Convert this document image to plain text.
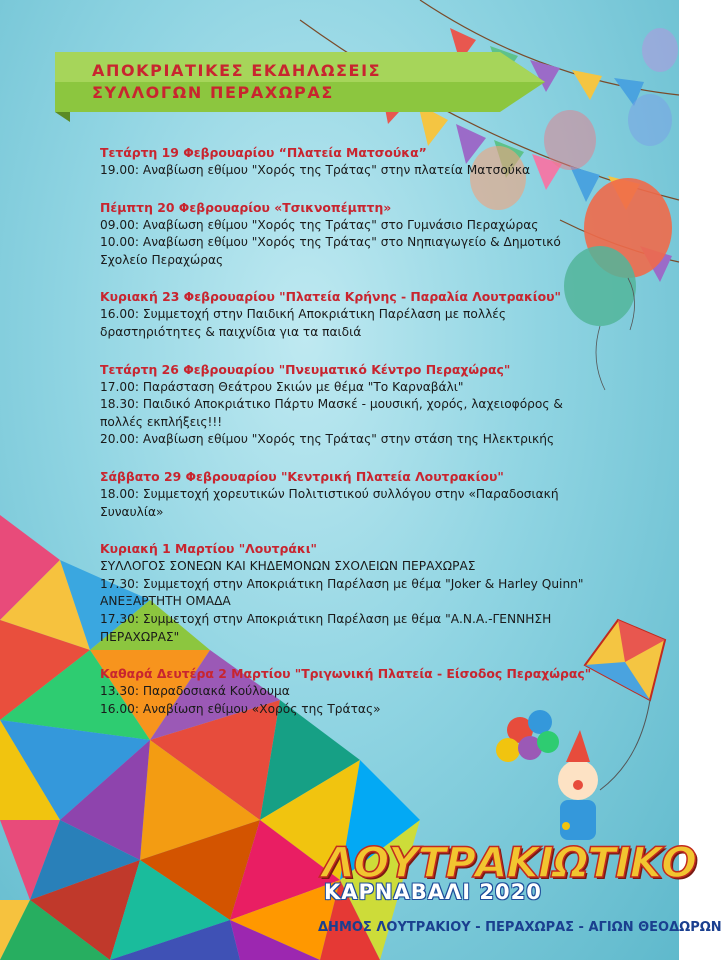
ΑΠΟΚΡΙΑΤΙΚΕΣ ΕΚΔΗΛΩΣΕΙΣ
ΣΥΛΛΟΓΩΝ ΠΕΡΑΧΩΡΑΣ
Τετάρτη 19 Φεβρουαρίου “Πλατεία Ματσούκα”
19.00: Αναβίωση εθίμου "Χορός της Τράτας" στην πλατεία Ματσούκα
Πέμπτη 20 Φεβρουαρίου «Τσικνοπέμπτη»
09.00: Αναβίωση εθίμου "Χορός της Τράτας" στο Γυμνάσιο Περαχώρας
10.00: Αναβίωση εθίμου "Χορός της Τράτας" στο Νηπιαγωγείο & Δημοτικό
Σχολείο Περαχώρας
Κυριακή 23 Φεβρουαρίου "Πλατεία Κρήνης - Παραλία Λουτρακίου"
16.00: Συμμετοχή στην Παιδική Αποκριάτικη Παρέλαση με πολλές
δραστηριότητες & παιχνίδια για τα παιδιά
Τετάρτη 26 Φεβρουαρίου "Πνευματικό Κέντρο Περαχώρας"
17.00: Παράσταση Θεάτρου Σκιών με θέμα "Το Καρναβάλι"
18.30: Παιδικό Αποκριάτικο Πάρτυ Μασκέ - μουσική, χορός, λαχειοφόρος &
πολλές εκπλήξεις!!!
20.00: Αναβίωση εθίμου "Χορός της Τράτας" στην στάση της Ηλεκτρικής
Σάββατο 29 Φεβρουαρίου "Κεντρική Πλατεία Λουτρακίου"
18.00: Συμμετοχή χορευτικών Πολιτιστικού συλλόγου στην «Παραδοσιακή
Συναυλία»
Κυριακή 1 Μαρτίου "Λουτράκι"
ΣΥΛΛΟΓΟΣ ΣΟΝΕΩΝ ΚΑΙ ΚΗΔΕΜΟΝΩΝ ΣΧΟΛΕΙΩΝ ΠΕΡΑΧΩΡΑΣ
17.30: Συμμετοχή στην Αποκριάτικη Παρέλαση με θέμα "Joker & Harley Quinn"
ΑΝΕΞΑΡΤΗΤΗ ΟΜΑΔΑ
17.30: Συμμετοχή στην Αποκριάτικη Παρέλαση με θέμα "Α.Ν.Α.-ΓΕΝΝΗΣΗ
ΠΕΡΑΧΩΡΑΣ"
Καθαρά Δευτέρα 2 Μαρτίου "Τριγωνική Πλατεία - Είσοδος Περαχώρας"
13.30: Παραδοσιακά Κούλουμα
16.00: Αναβίωση εθίμου «Χορός της Τράτας»
ΛΟΥΤΡΑΚΙΩΤΙΚΟ
ΚΑΡΝΑΒΑΛΙ 2020
ΔΗΜΟΣ ΛΟΥΤΡΑΚΙΟΥ - ΠΕΡΑΧΩΡΑΣ - ΑΓΙΩΝ ΘΕΟΔΩΡΩΝ
